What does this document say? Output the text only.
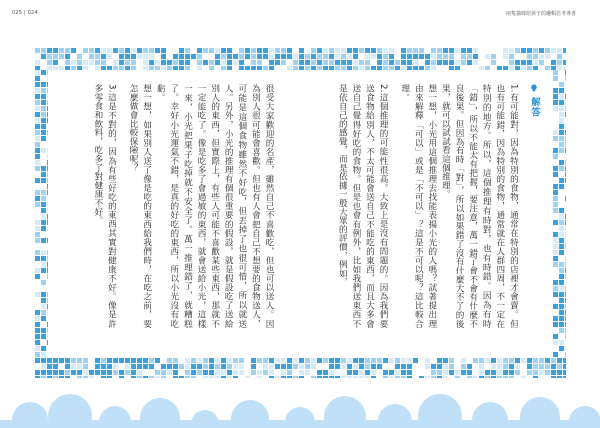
025 | 024	兩隻貓咪陪孩子的邏輯思考導書

解答

1.有可能對，因為特別的食物，通常在特別的店裡才會賣。但也有可能錯，因為特別的食物，通常就在人群四周，不一定在特別的地方。所以，這個推理有時對，也有時錯。因為有時「錯」，所以不能太有把握，要注意，萬一錯了會不會有什麼不良後果。但因為有時「對」，所以如果錯了沒有什麼大不了的後果，就可以試試看這個推理。

想一想，小光用這個推理去找能表揚小光的人嗎？試著提出理由來解釋「可以」或是「不可以」？這是不可以呢？這比較合理。

2.這個推理的可能性很高。大致上是沒有問題的。因為我們要送食物給別人，不太可能會送自己不能吃的東西，而且大多會送自己覺得好吃的食物。但是也會有例外，比如我們送東西不是依自己的感覺，而是依據一般大眾的評價，例如，

很受大家歡迎的名產，雖然自己不喜歡吃，但也可以送人。因為別人很可能會喜歡。但也有人會把自己不想要的食物送人，可能是這個食物雖然不好吃，但丟掉了也很可惜，所以就送人。另外，小光的推理有個很重要的假設，就是假設吃了送給別人的東西，但實際上，有些人可能不喜歡某些東西，那就不一定能吃了。像是吃多了會過敏的東西，就會送給小光，這樣一來，小光把果子吃掉就不安全了。萬一推理錯了，就糟糕了。幸好小光運氣不錯，是真的好吃的東西，所以小光沒有吃虧。

想一想，如果別人送了像是吃的東西給我們時，在吃之前，要怎麼做會比較保險呢？

3.這是不對的，因為有些好吃的東西其實對健康不好。像是許多零食和飲料，吃多了對健康不好。
